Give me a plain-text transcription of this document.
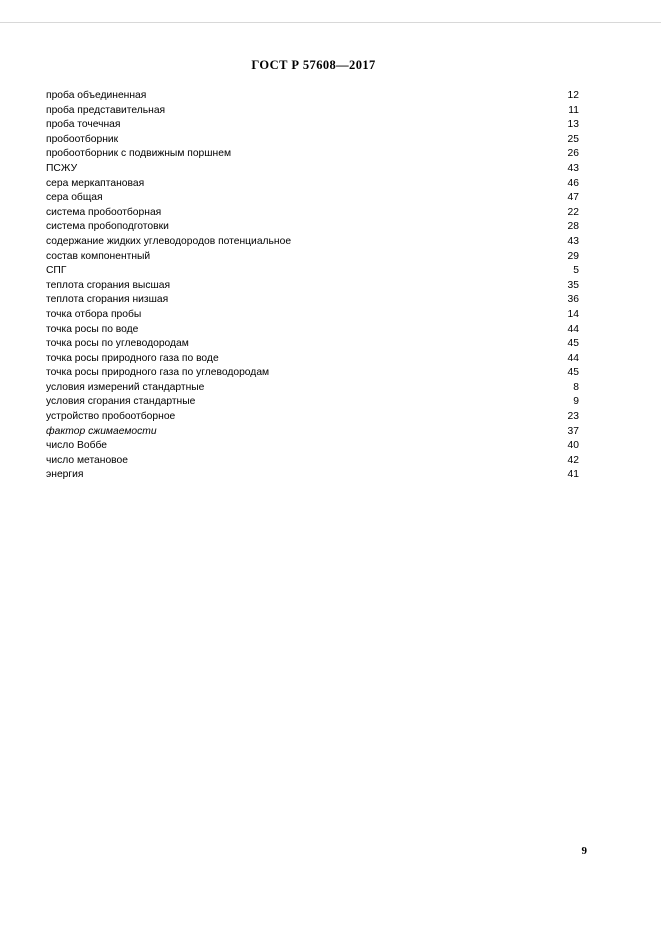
ГОСТ Р 57608—2017
проба объединенная	12
проба представительная	11
проба точечная	13
пробоотборник	25
пробоотборник с подвижным поршнем	26
ПСЖУ	43
сера меркаптановая	46
сера общая	47
система пробоотборная	22
система пробоподготовки	28
содержание жидких углеводородов потенциальное	43
состав компонентный	29
СПГ	5
теплота сгорания высшая	35
теплота сгорания низшая	36
точка отбора пробы	14
точка росы по воде	44
точка росы по углеводородам	45
точка росы природного газа по воде	44
точка росы природного газа по углеводородам	45
условия измерений стандартные	8
условия сгорания стандартные	9
устройство пробоотборное	23
фактор сжимаемости	37
число Воббе	40
число метановое	42
энергия	41
9
